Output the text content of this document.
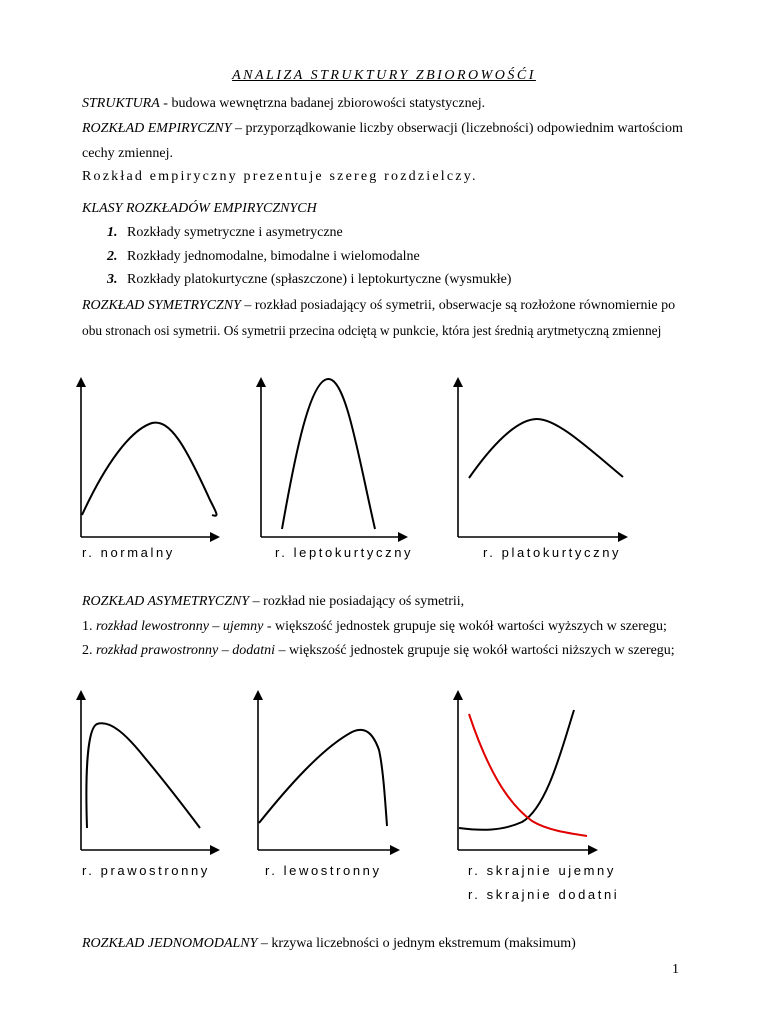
ANALIZA STRUKTURY ZBIOROWOŚĆI
STRUKTURA - budowa wewnętrzna badanej zbiorowości statystycznej.
ROZKŁAD EMPIRYCZNY – przyporządkowanie liczby obserwacji (liczebności) odpowiednim wartościom
cechy zmiennej.
Rozkład empiryczny prezentuje szereg rozdzielczy.
KLASY ROZKŁADÓW EMPIRYCZNYCH
1. Rozkłady symetryczne i asymetryczne
2. Rozkłady jednomodalne, bimodalne i wielomodalne
3. Rozkłady platokurtyczne (spłaszczone) i leptokurtyczne (wysmukłe)
ROZKŁAD SYMETRYCZNY – rozkład posiadający oś symetrii, obserwacje są rozłożone równomiernie po
obu stronach osi symetrii. Oś symetrii przecina odciętą w punkcie, która jest średnią arytmetyczną zmiennej
r. normalny	r. leptokurtyczny	r. platokurtyczny
ROZKŁAD ASYMETRYCZNY – rozkład nie posiadający oś symetrii,
1. rozkład lewostronny – ujemny - większość jednostek grupuje się wokół wartości wyższych w szeregu;
2. rozkład prawostronny – dodatni – większość jednostek grupuje się wokół wartości niższych w szeregu;
r. prawostronny	r. lewostronny	r. skrajnie ujemny
r. skrajnie dodatni
ROZKŁAD JEDNOMODALNY – krzywa liczebności o jednym ekstremum (maksimum)
1
